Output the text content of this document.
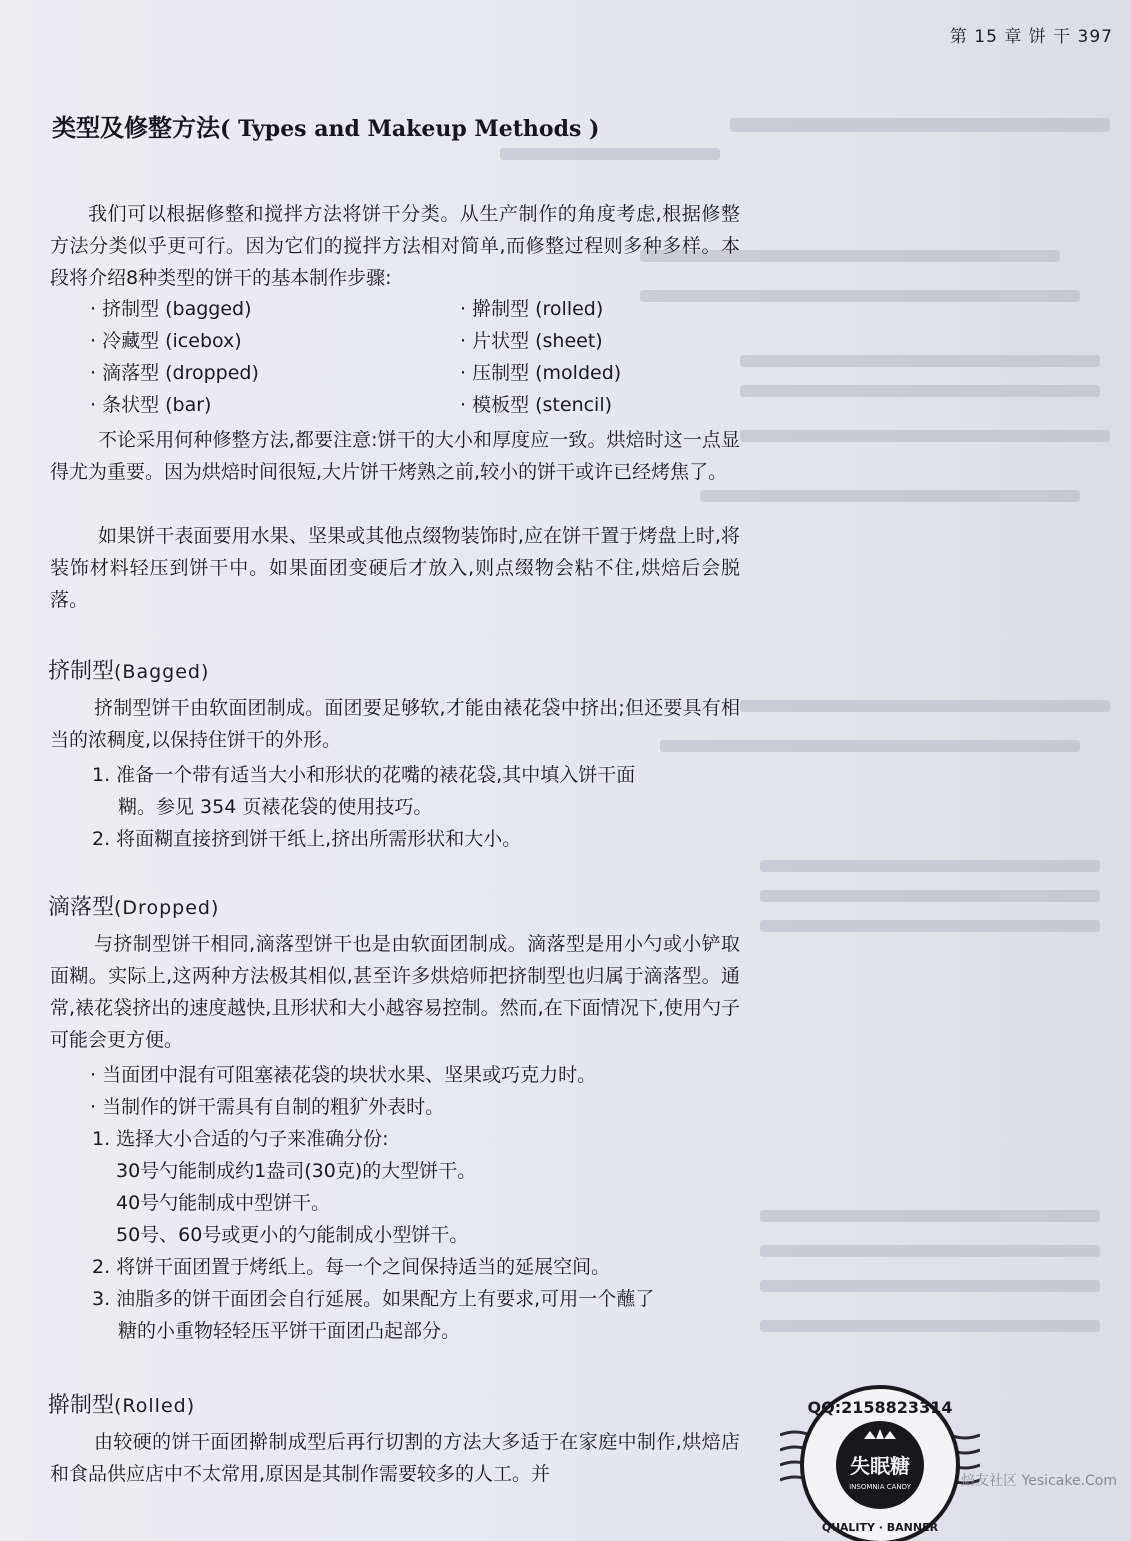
第 15 章 饼 干 397
类型及修整方法( Types and Makeup Methods )
我们可以根据修整和搅拌方法将饼干分类。从生产制作的角度考虑,根据修整方法分类似乎更可行。因为它们的搅拌方法相对简单,而修整过程则多种多样。本段将介绍8种类型的饼干的基本制作步骤:
· 挤制型 (bagged)	· 擀制型 (rolled)
· 冷藏型 (icebox)	· 片状型 (sheet)
· 滴落型 (dropped)	· 压制型 (molded)
· 条状型 (bar)	· 模板型 (stencil)
不论采用何种修整方法,都要注意:饼干的大小和厚度应一致。烘焙时这一点显得尤为重要。因为烘焙时间很短,大片饼干烤熟之前,较小的饼干或许已经烤焦了。
如果饼干表面要用水果、坚果或其他点缀物装饰时,应在饼干置于烤盘上时,将装饰材料轻压到饼干中。如果面团变硬后才放入,则点缀物会粘不住,烘焙后会脱落。
挤制型(Bagged)
挤制型饼干由软面团制成。面团要足够软,才能由裱花袋中挤出;但还要具有相当的浓稠度,以保持住饼干的外形。
1. 准备一个带有适当大小和形状的花嘴的裱花袋,其中填入饼干面
糊。参见 354 页裱花袋的使用技巧。
2. 将面糊直接挤到饼干纸上,挤出所需形状和大小。
滴落型(Dropped)
与挤制型饼干相同,滴落型饼干也是由软面团制成。滴落型是用小勺或小铲取面糊。实际上,这两种方法极其相似,甚至许多烘焙师把挤制型也归属于滴落型。通常,裱花袋挤出的速度越快,且形状和大小越容易控制。然而,在下面情况下,使用勺子可能会更方便。
· 当面团中混有可阻塞裱花袋的块状水果、坚果或巧克力时。
· 当制作的饼干需具有自制的粗犷外表时。
1. 选择大小合适的勺子来准确分份:
30号勺能制成约1盎司(30克)的大型饼干。
40号勺能制成中型饼干。
50号、60号或更小的勺能制成小型饼干。
2. 将饼干面团置于烤纸上。每一个之间保持适当的延展空间。
3. 油脂多的饼干面团会自行延展。如果配方上有要求,可用一个蘸了
糖的小重物轻轻压平饼干面团凸起部分。
擀制型(Rolled)
由较硬的饼干面团擀制成型后再行切割的方法大多适于在家庭中制作,烘焙店和食品供应店中不太常用,原因是其制作需要较多的人工。并
QQ:2158823314
失眠糖
INSOMNIA CANDY
QUALITY · BANNER
焙友社区 Yesicake.Com
